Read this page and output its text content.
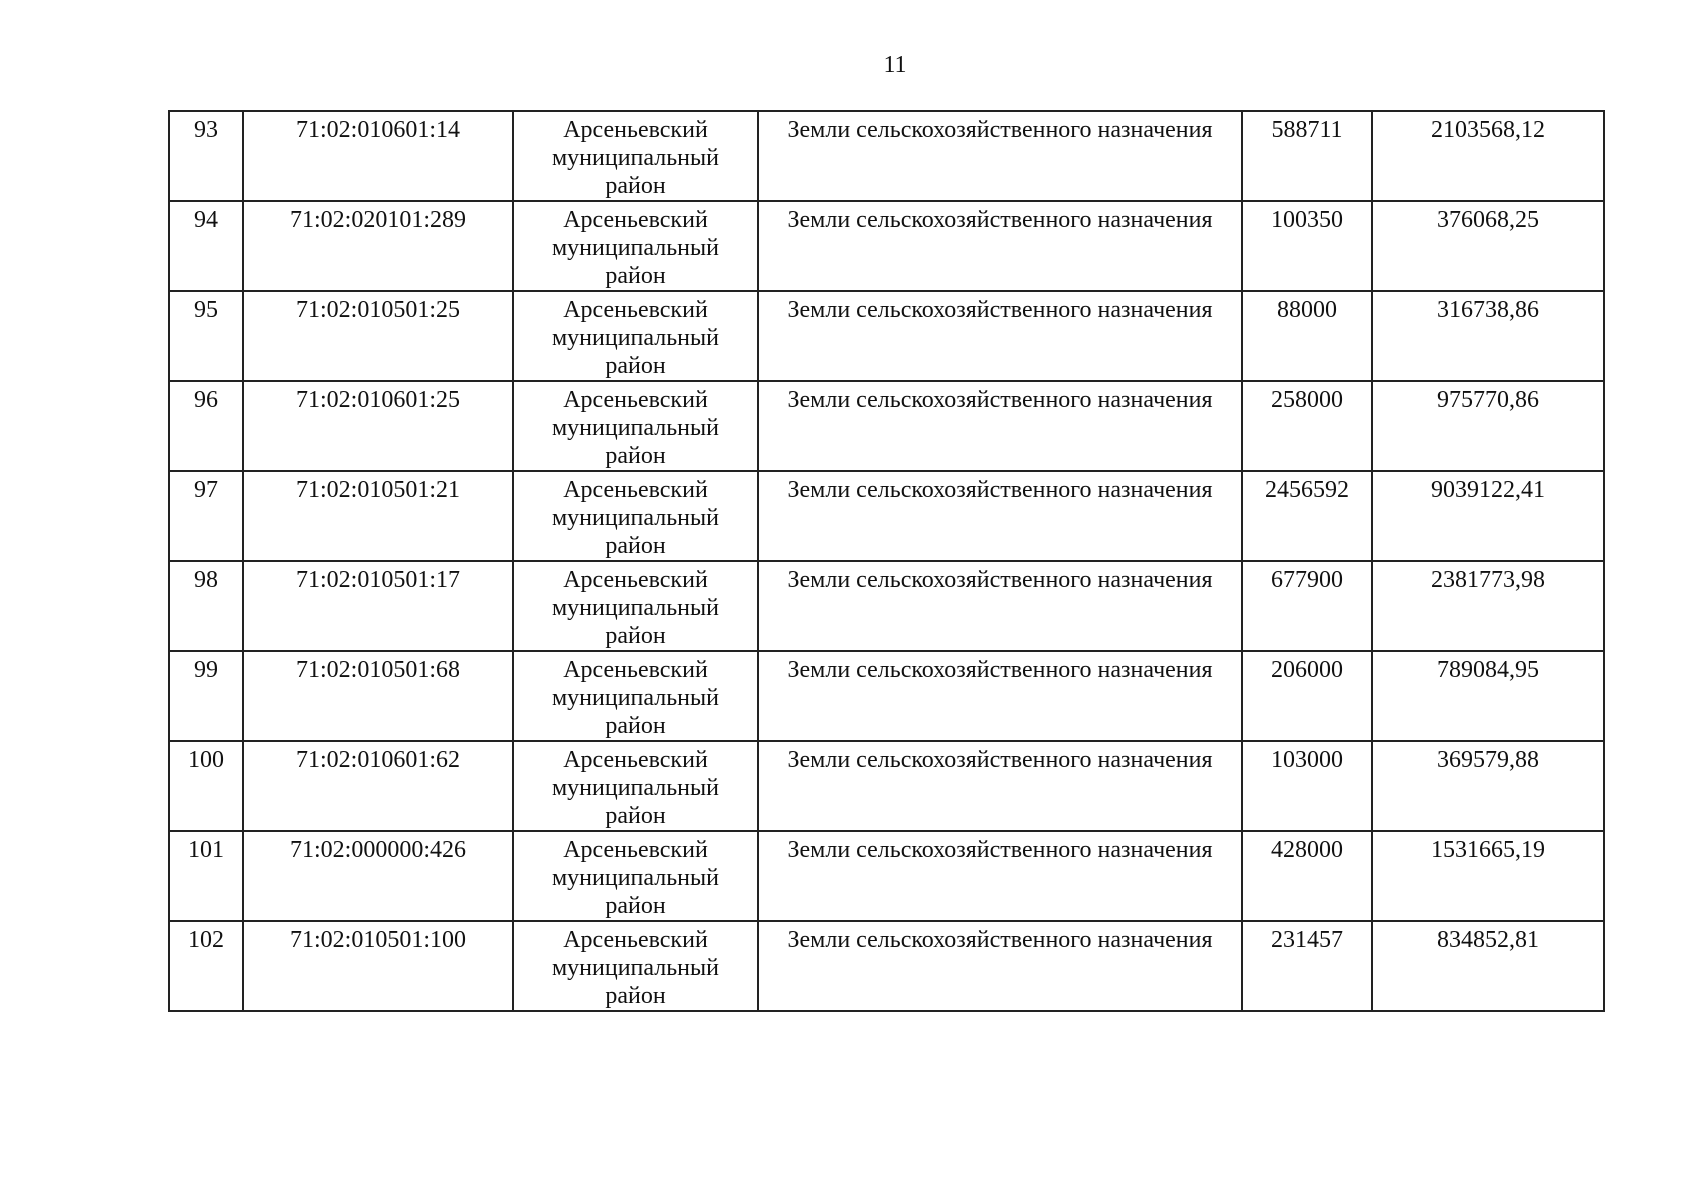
11
93	71:02:010601:14	Арсеньевский
муниципальный
район	Земли сельскохозяйственного назначения	588711	2103568,12
94	71:02:020101:289	Арсеньевский
муниципальный
район	Земли сельскохозяйственного назначения	100350	376068,25
95	71:02:010501:25	Арсеньевский
муниципальный
район	Земли сельскохозяйственного назначения	88000	316738,86
96	71:02:010601:25	Арсеньевский
муниципальный
район	Земли сельскохозяйственного назначения	258000	975770,86
97	71:02:010501:21	Арсеньевский
муниципальный
район	Земли сельскохозяйственного назначения	2456592	9039122,41
98	71:02:010501:17	Арсеньевский
муниципальный
район	Земли сельскохозяйственного назначения	677900	2381773,98
99	71:02:010501:68	Арсеньевский
муниципальный
район	Земли сельскохозяйственного назначения	206000	789084,95
100	71:02:010601:62	Арсеньевский
муниципальный
район	Земли сельскохозяйственного назначения	103000	369579,88
101	71:02:000000:426	Арсеньевский
муниципальный
район	Земли сельскохозяйственного назначения	428000	1531665,19
102	71:02:010501:100	Арсеньевский
муниципальный
район	Земли сельскохозяйственного назначения	231457	834852,81
